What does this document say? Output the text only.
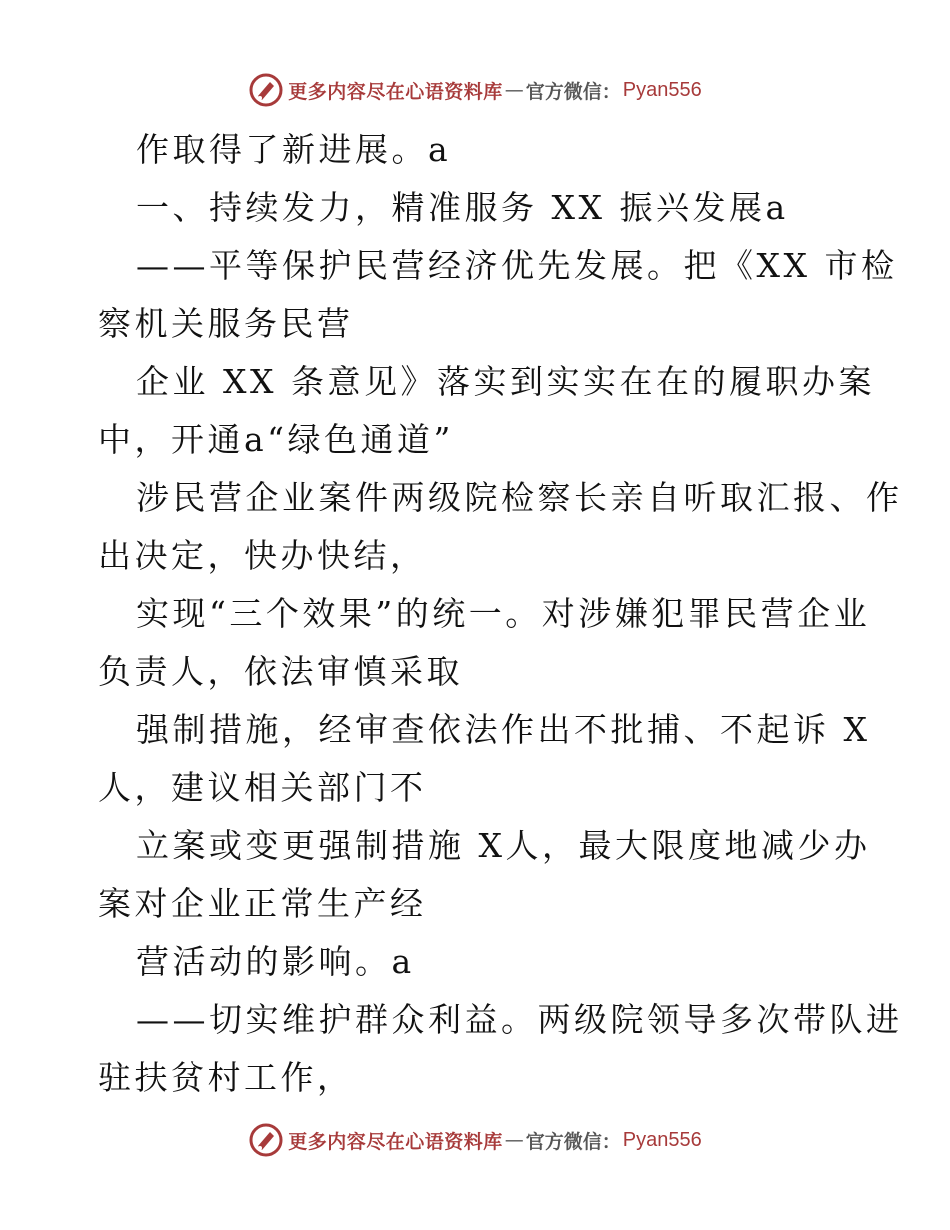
更多内容尽在心语资料库 — 官方微信： Pyan556
作取得了新进展。a
一、持续发力，精准服务 XX 振兴发展a
——平等保护民营经济优先发展。把《XX 市检
察机关服务民营
企业 XX 条意见》落实到实实在在的履职办案
中，开通a“绿色通道”
涉民营企业案件两级院检察长亲自听取汇报、作
出决定，快办快结，
实现“三个效果”的统一。对涉嫌犯罪民营企业
负责人，依法审慎采取
强制措施，经审查依法作出不批捕、不起诉 X
人，建议相关部门不
立案或变更强制措施 X人，最大限度地减少办
案对企业正常生产经
营活动的影响。a
——切实维护群众利益。两级院领导多次带队进
驻扶贫村工作，
更多内容尽在心语资料库 — 官方微信： Pyan556
